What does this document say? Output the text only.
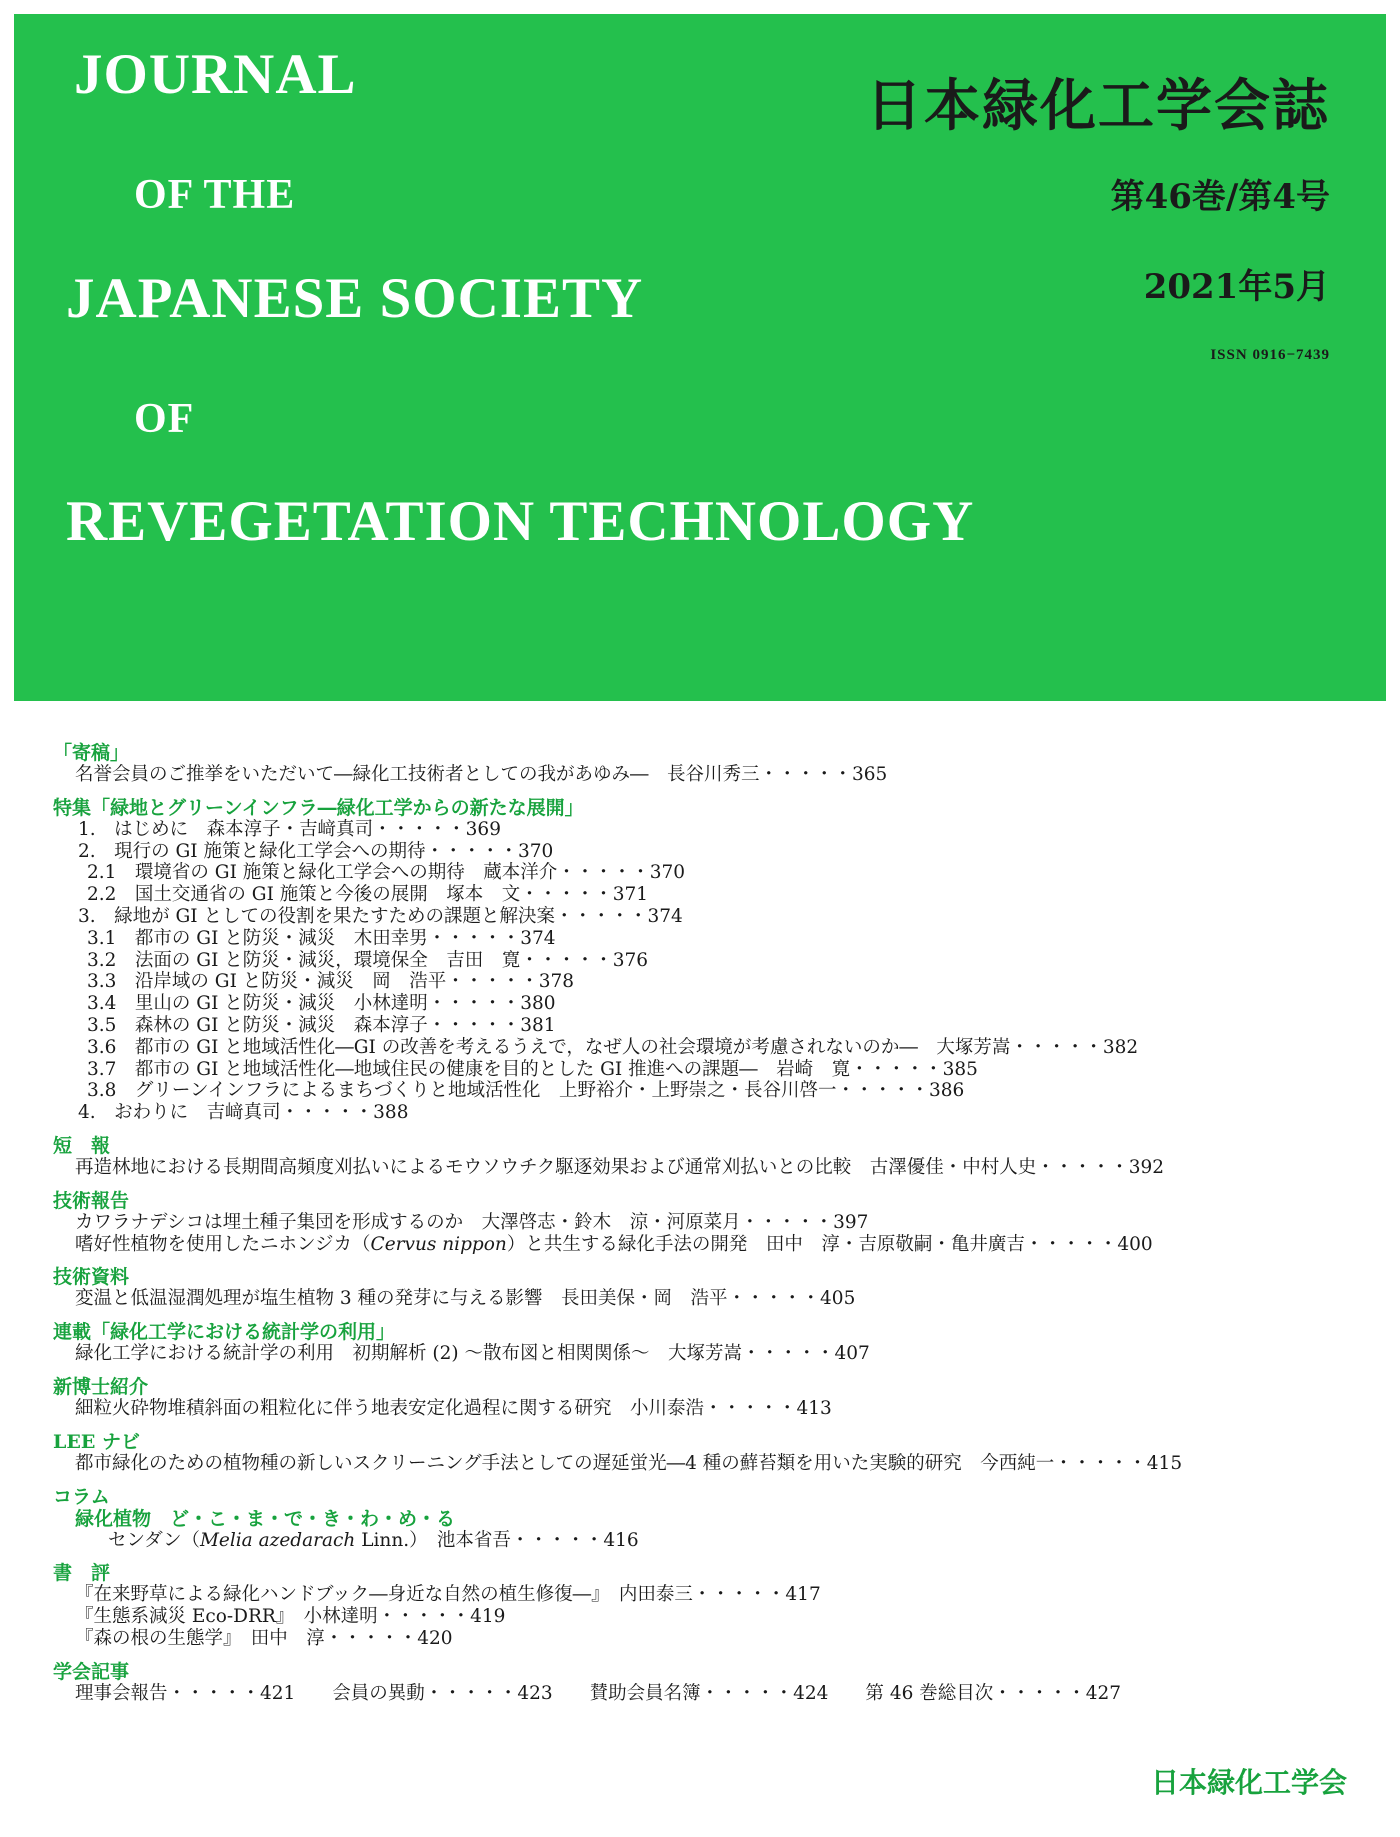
JOURNAL
OF THE
JAPANESE SOCIETY
OF
REVEGETATION TECHNOLOGY
日本緑化工学会誌
第46巻/第4号
2021年5月
ISSN 0916−7439
「寄稿」
名誉会員のご推挙をいただいて―緑化工技術者としての我があゆみ―　長谷川秀三・・・・・365
特集「緑地とグリーンインフラ―緑化工学からの新たな展開」
1.　はじめに　森本淳子・吉﨑真司・・・・・369
2.　現行の GI 施策と緑化工学会への期待・・・・・370
2.1　環境省の GI 施策と緑化工学会への期待　蔵本洋介・・・・・370
2.2　国土交通省の GI 施策と今後の展開　塚本　文・・・・・371
3.　緑地が GI としての役割を果たすための課題と解決案・・・・・374
3.1　都市の GI と防災・減災　木田幸男・・・・・374
3.2　法面の GI と防災・減災，環境保全　吉田　寛・・・・・376
3.3　沿岸域の GI と防災・減災　岡　浩平・・・・・378
3.4　里山の GI と防災・減災　小林達明・・・・・380
3.5　森林の GI と防災・減災　森本淳子・・・・・381
3.6　都市の GI と地域活性化―GI の改善を考えるうえで，なぜ人の社会環境が考慮されないのか―　大塚芳嵩・・・・・382
3.7　都市の GI と地域活性化―地域住民の健康を目的とした GI 推進への課題―　岩崎　寛・・・・・385
3.8　グリーンインフラによるまちづくりと地域活性化　上野裕介・上野崇之・長谷川啓一・・・・・386
4.　おわりに　吉﨑真司・・・・・388
短　報
再造林地における長期間高頻度刈払いによるモウソウチク駆逐効果および通常刈払いとの比較　古澤優佳・中村人史・・・・・392
技術報告
カワラナデシコは埋土種子集団を形成するのか　大澤啓志・鈴木　涼・河原菜月・・・・・397
嗜好性植物を使用したニホンジカ（Cervus nippon）と共生する緑化手法の開発　田中　淳・吉原敬嗣・亀井廣吉・・・・・400
技術資料
変温と低温湿潤処理が塩生植物 3 種の発芽に与える影響　長田美保・岡　浩平・・・・・405
連載「緑化工学における統計学の利用」
緑化工学における統計学の利用　初期解析 (2) ～散布図と相関関係～　大塚芳嵩・・・・・407
新博士紹介
細粒火砕物堆積斜面の粗粒化に伴う地表安定化過程に関する研究　小川泰浩・・・・・413
LEE ナビ
都市緑化のための植物種の新しいスクリーニング手法としての遅延蛍光―4 種の蘚苔類を用いた実験的研究　今西純一・・・・・415
コラム
緑化植物　ど・こ・ま・で・き・わ・め・る
センダン（Melia azedarach Linn.）　池本省吾・・・・・416
書　評
『在来野草による緑化ハンドブック―身近な自然の植生修復―』　内田泰三・・・・・417
『生態系減災 Eco-DRR』　小林達明・・・・・419
『森の根の生態学』　田中　淳・・・・・420
学会記事
理事会報告・・・・・421　　会員の異動・・・・・423　　賛助会員名簿・・・・・424　　第 46 巻総目次・・・・・427
日本緑化工学会
